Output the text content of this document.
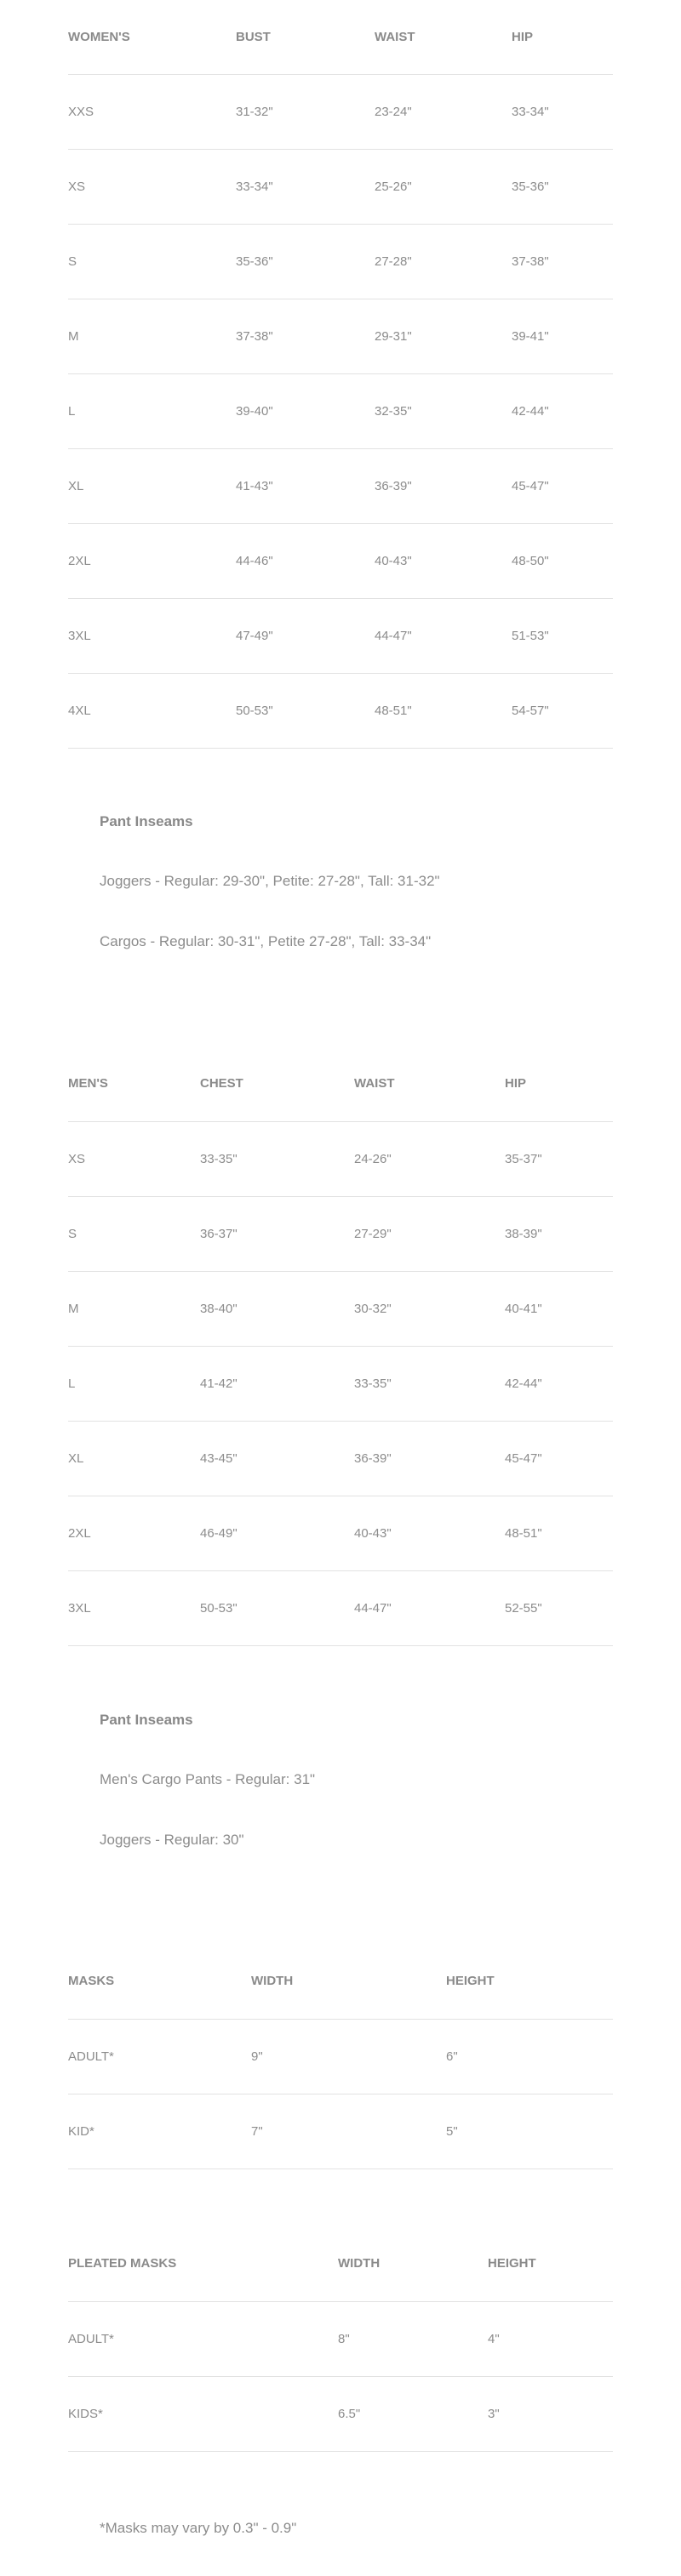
WOMEN'S	BUST	WAIST	HIP
XXS	31-32"	23-24"	33-34"
XS	33-34"	25-26"	35-36"
S	35-36"	27-28"	37-38"
M	37-38"	29-31"	39-41"
L	39-40"	32-35"	42-44"
XL	41-43"	36-39"	45-47"
2XL	44-46"	40-43"	48-50"
3XL	47-49"	44-47"	51-53"
4XL	50-53"	48-51"	54-57"

Pant Inseams

Joggers - Regular: 29-30", Petite: 27-28", Tall: 31-32"

Cargos - Regular: 30-31", Petite 27-28", Tall: 33-34"

MEN'S	CHEST	WAIST	HIP
XS	33-35"	24-26"	35-37"
S	36-37"	27-29"	38-39"
M	38-40"	30-32"	40-41"
L	41-42"	33-35"	42-44"
XL	43-45"	36-39"	45-47"
2XL	46-49"	40-43"	48-51"
3XL	50-53"	44-47"	52-55"

Pant Inseams

Men's Cargo Pants - Regular: 31"

Joggers - Regular: 30"

MASKS	WIDTH	HEIGHT
ADULT*	9"	6"
KID*	7"	5"
PLEATED MASKS	WIDTH	HEIGHT
ADULT*	8"	4"
KIDS*	6.5"	3"

*Masks may vary by 0.3" - 0.9"
